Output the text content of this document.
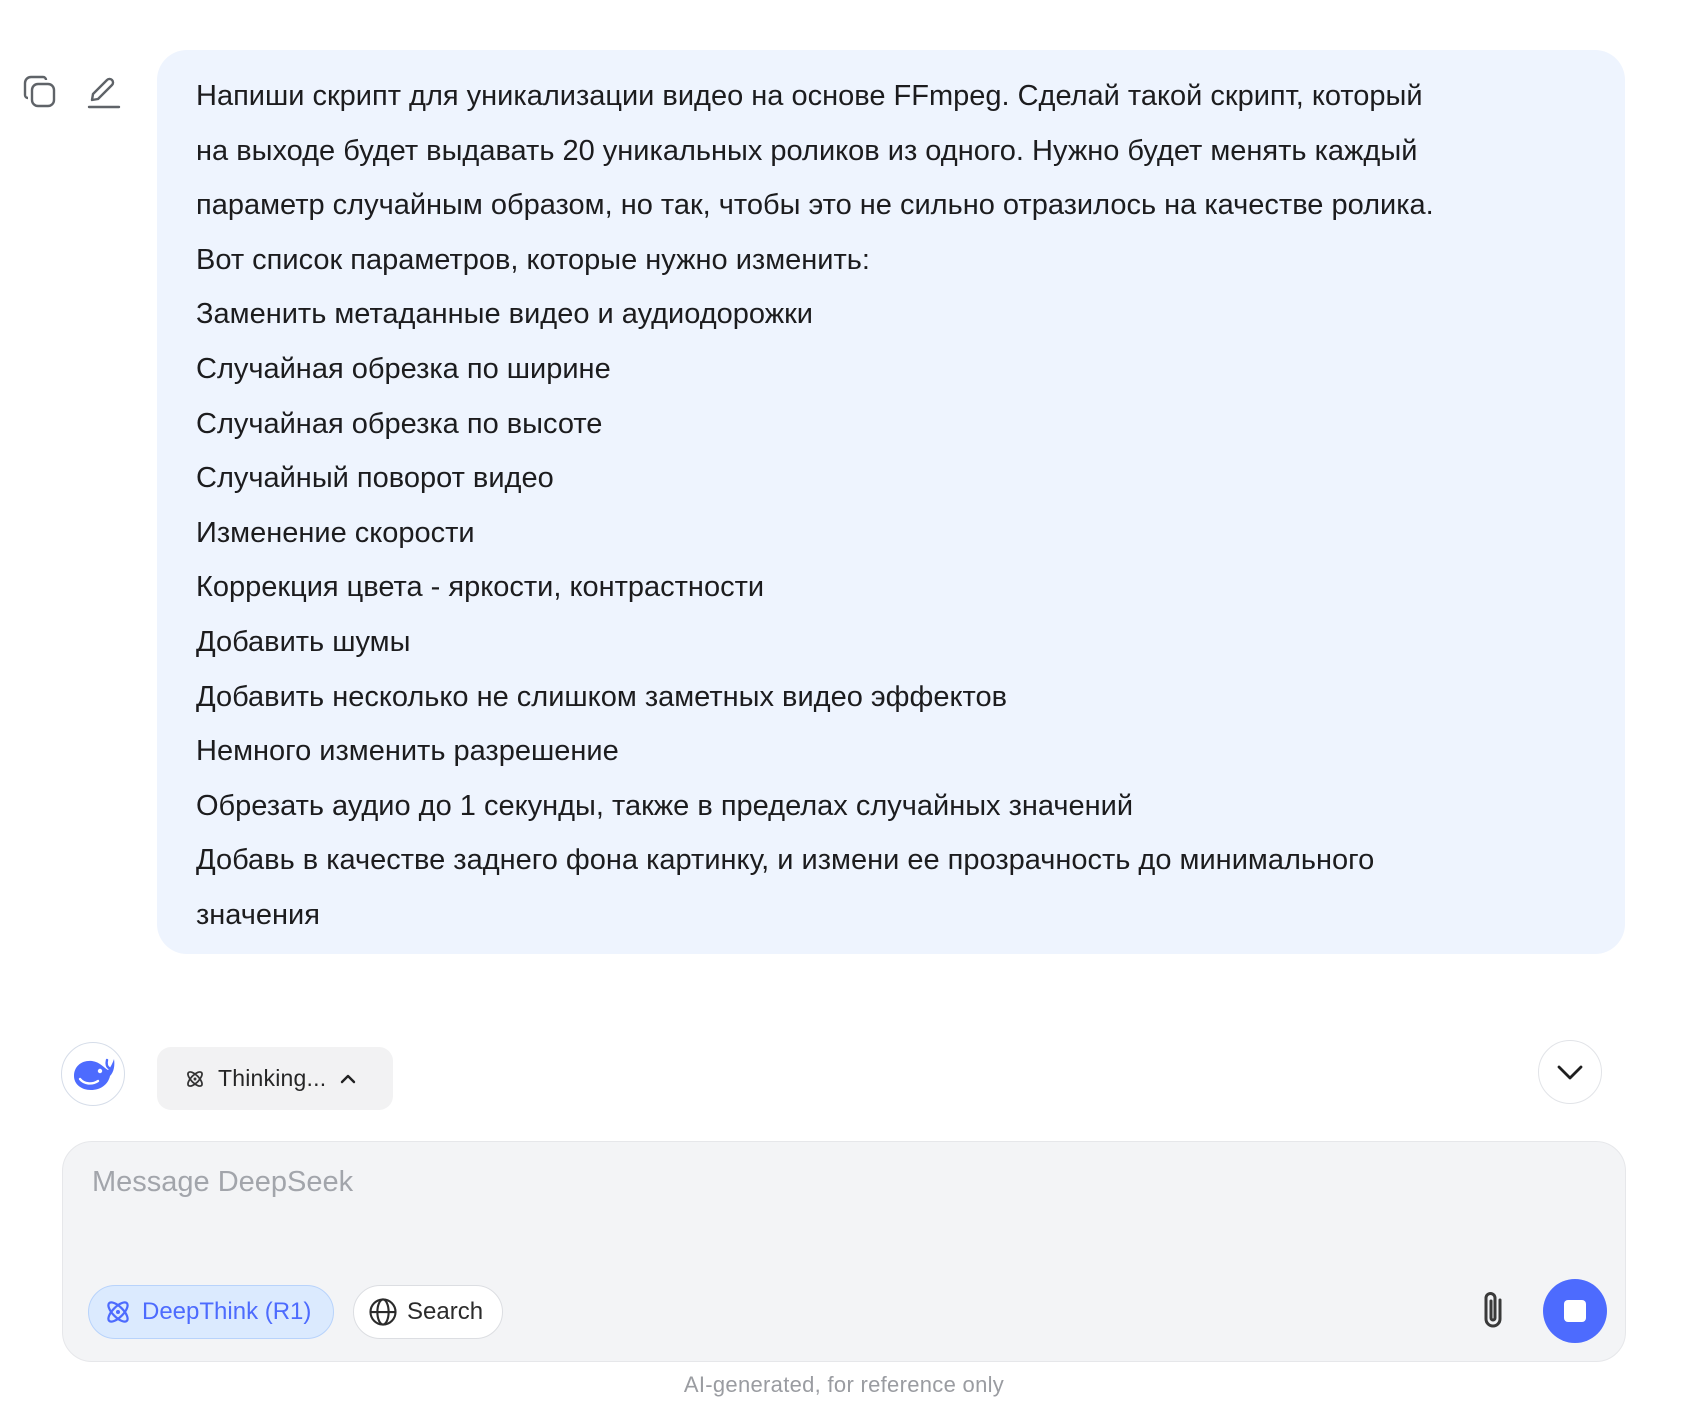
Напиши скрипт для уникализации видео на основе FFmpeg. Сделай такой скрипт, который
на выходе будет выдавать 20 уникальных роликов из одного. Нужно будет менять каждый
параметр случайным образом, но так, чтобы это не сильно отразилось на качестве ролика.
Вот список параметров, которые нужно изменить:
Заменить метаданные видео и аудиодорожки
Случайная обрезка по ширине
Случайная обрезка по высоте
Случайный поворот видео
Изменение скорости
Коррекция цвета - яркости, контрастности
Добавить шумы
Добавить несколько не слишком заметных видео эффектов
Немного изменить разрешение
Обрезать аудио до 1 секунды, также в пределах случайных значений
Добавь в качестве заднего фона картинку, и измени ее прозрачность до минимального
значения
Thinking...
Message DeepSeek
DeepThink (R1)	Search
AI-generated, for reference only
